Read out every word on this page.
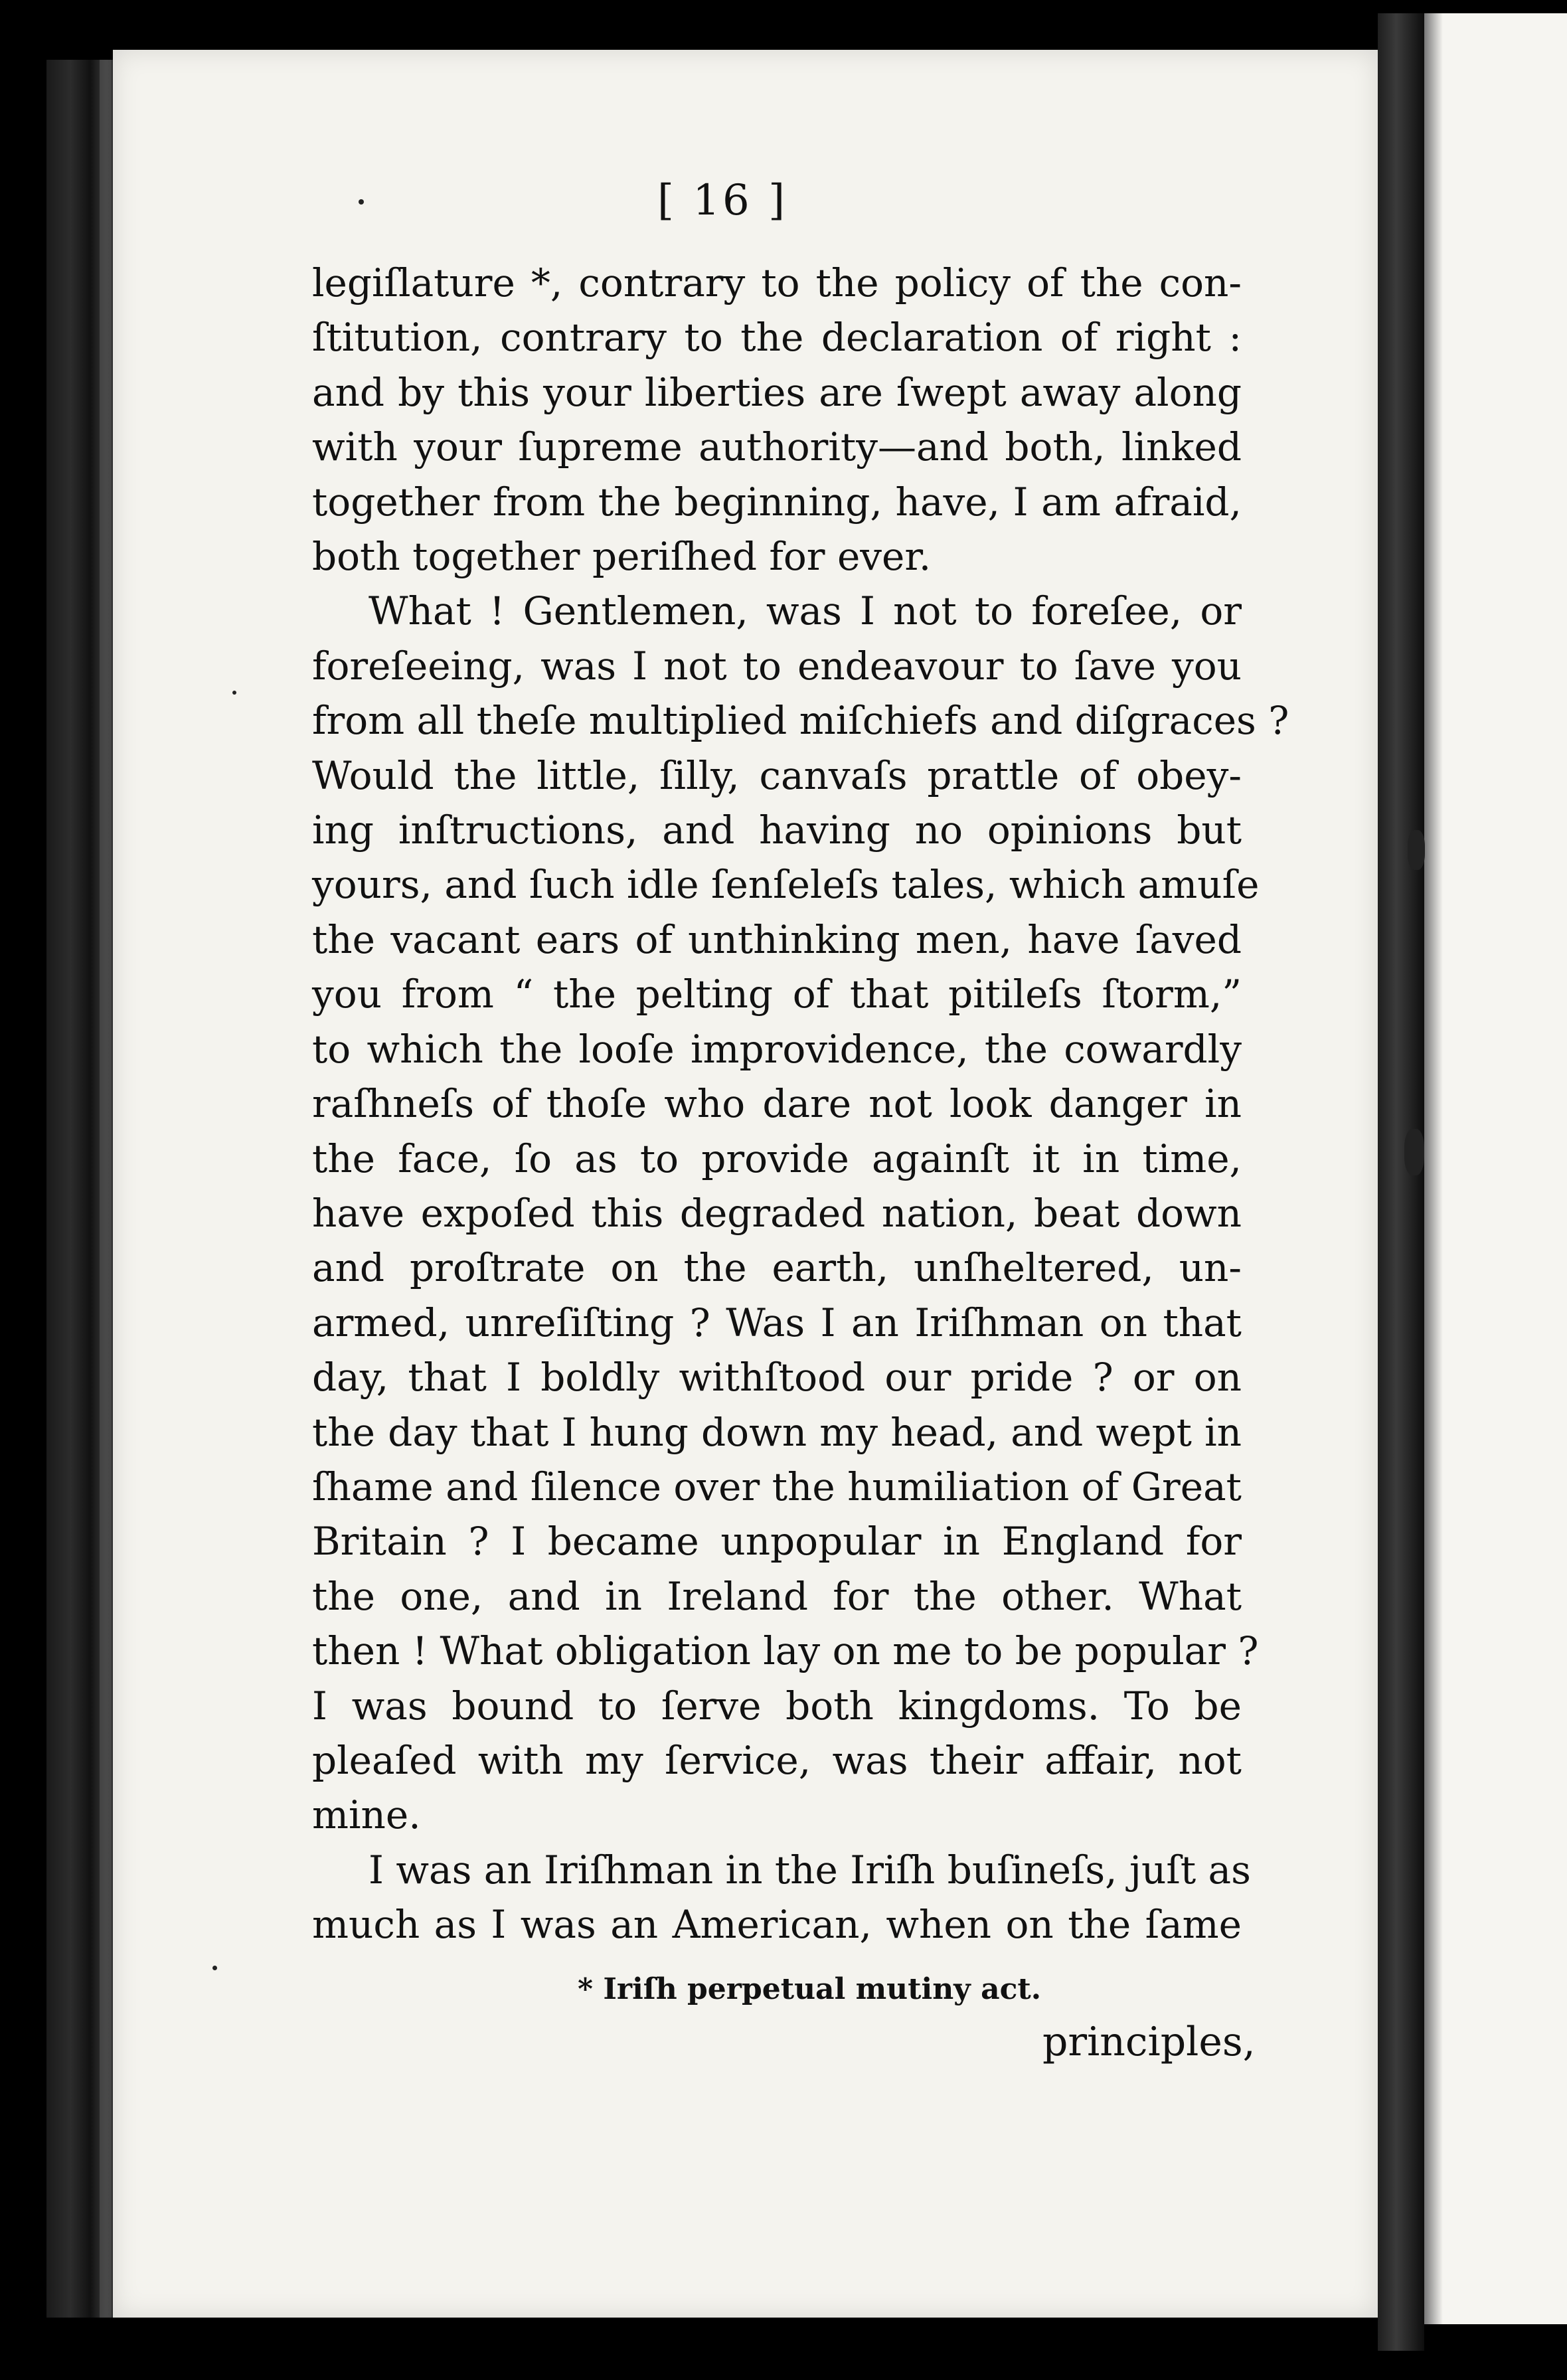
[ 16 ]
legiſlature *, contrary to the policy of the con-
ſtitution, contrary to the declaration of right :
and by this your liberties are ſwept away along
with your ſupreme authority—and both, linked
together from the beginning, have, I am afraid,
both together periſhed for ever.
What ! Gentlemen, was I not to foreſee, or
foreſeeing, was I not to endeavour to ſave you
from all theſe multiplied miſchiefs and diſgraces ?
Would the little, ſilly, canvaſs prattle of obey-
ing inſtructions, and having no opinions but
yours, and ſuch idle ſenſeleſs tales, which amuſe
the vacant ears of unthinking men, have ſaved
you from “ the pelting of that pitileſs ſtorm,”
to which the looſe improvidence, the cowardly
raſhneſs of thoſe who dare not look danger in
the face, ſo as to provide againſt it in time,
have expoſed this degraded nation, beat down
and proſtrate on the earth, unſheltered, un-
armed, unreſiſting ? Was I an Iriſhman on that
day, that I boldly withſtood our pride ? or on
the day that I hung down my head, and wept in
ſhame and ſilence over the humiliation of Great
Britain ? I became unpopular in England for
the one, and in Ireland for the other. What
then ! What obligation lay on me to be popular ?
I was bound to ſerve both kingdoms. To be
pleaſed with my ſervice, was their affair, not
mine.
I was an Iriſhman in the Iriſh buſineſs, juſt as
much as I was an American, when on the ſame
* Iriſh perpetual mutiny act.
principles,
